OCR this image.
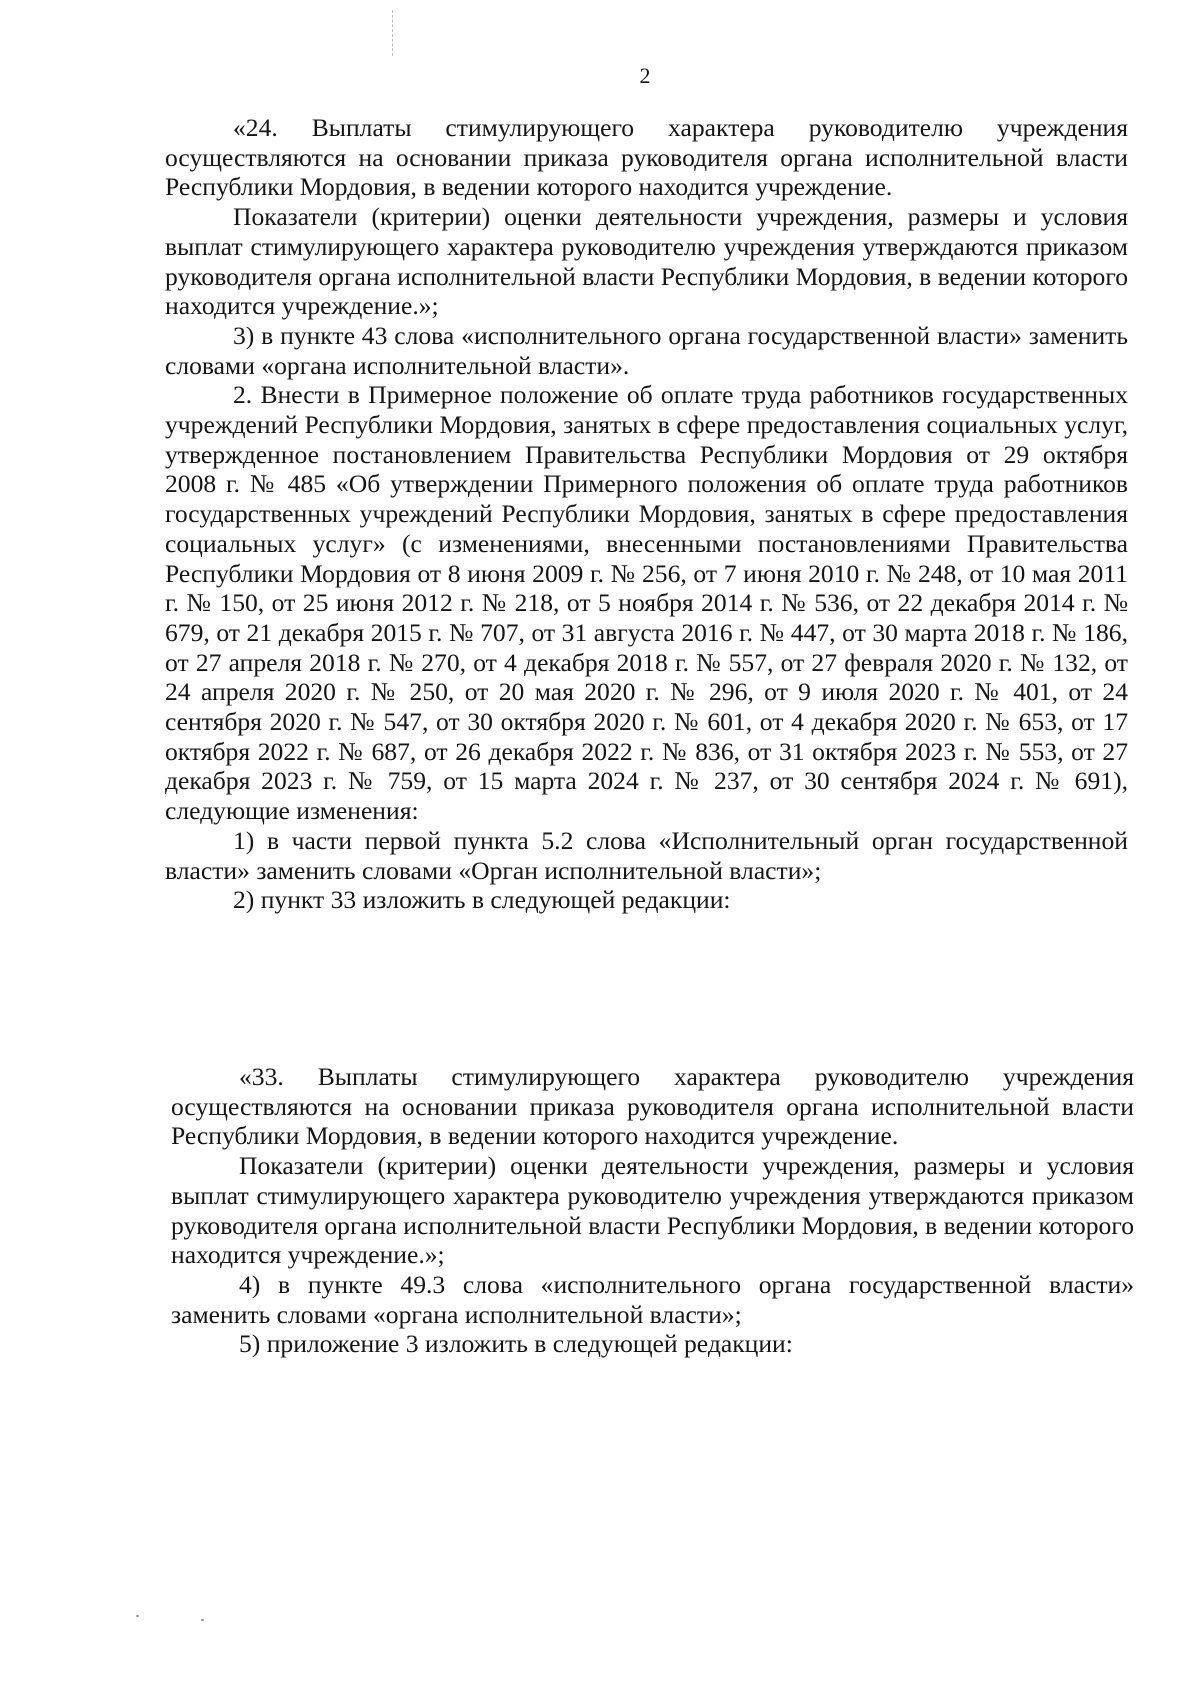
2

«24. Выплаты стимулирующего характера руководителю учреждения осуществляются на основании приказа руководителя органа исполнительной власти Республики Мордовия, в ведении которого находится учреждение.

Показатели (критерии) оценки деятельности учреждения, размеры и условия выплат стимулирующего характера руководителю учреждения утверждаются приказом руководителя органа исполнительной власти Республики Мордовия, в ведении которого находится учреждение.»;

3) в пункте 43 слова «исполнительного органа государственной власти» заменить словами «органа исполнительной власти».

2. Внести в Примерное положение об оплате труда работников государственных учреждений Республики Мордовия, занятых в сфере предоставления социальных услуг, утвержденное постановлением Правительства Республики Мордовия от 29 октября 2008 г. № 485 «Об утверждении Примерного положения об оплате труда работников государственных учреждений Республики Мордовия, занятых в сфере предоставления социальных услуг» (с изменениями, внесенными постановлениями Правительства Республики Мордовия от 8 июня 2009 г. № 256, от 7 июня 2010 г. № 248, от 10 мая 2011 г. № 150, от 25 июня 2012 г. № 218, от 5 ноября 2014 г. № 536, от 22 декабря 2014 г. № 679, от 21 декабря 2015 г. № 707, от 31 августа 2016 г. № 447, от 30 марта 2018 г. № 186, от 27 апреля 2018 г. № 270, от 4 декабря 2018 г. № 557, от 27 февраля 2020 г. № 132, от 24 апреля 2020 г. № 250, от 20 мая 2020 г. № 296, от 9 июля 2020 г. № 401, от 24 сентября 2020 г. № 547, от 30 октября 2020 г. № 601, от 4 декабря 2020 г. № 653, от 17 октября 2022 г. № 687, от 26 декабря 2022 г. № 836, от 31 октября 2023 г. № 553, от 27 декабря 2023 г. № 759, от 15 марта 2024 г. № 237, от 30 сентября 2024 г. № 691), следующие изменения:

1) в части первой пункта 5.2 слова «Исполнительный орган государственной власти» заменить словами «Орган исполнительной власти»;

2) пункт 33 изложить в следующей редакции:

«33. Выплаты стимулирующего характера руководителю учреждения осуществляются на основании приказа руководителя органа исполнительной власти Республики Мордовия, в ведении которого находится учреждение.

Показатели (критерии) оценки деятельности учреждения, размеры и условия выплат стимулирующего характера руководителю учреждения утверждаются приказом руководителя органа исполнительной власти Республики Мордовия, в ведении которого находится учреждение.»;

4) в пункте 49.3 слова «исполнительного органа государственной власти» заменить словами «органа исполнительной власти»;

5) приложение 3 изложить в следующей редакции:
